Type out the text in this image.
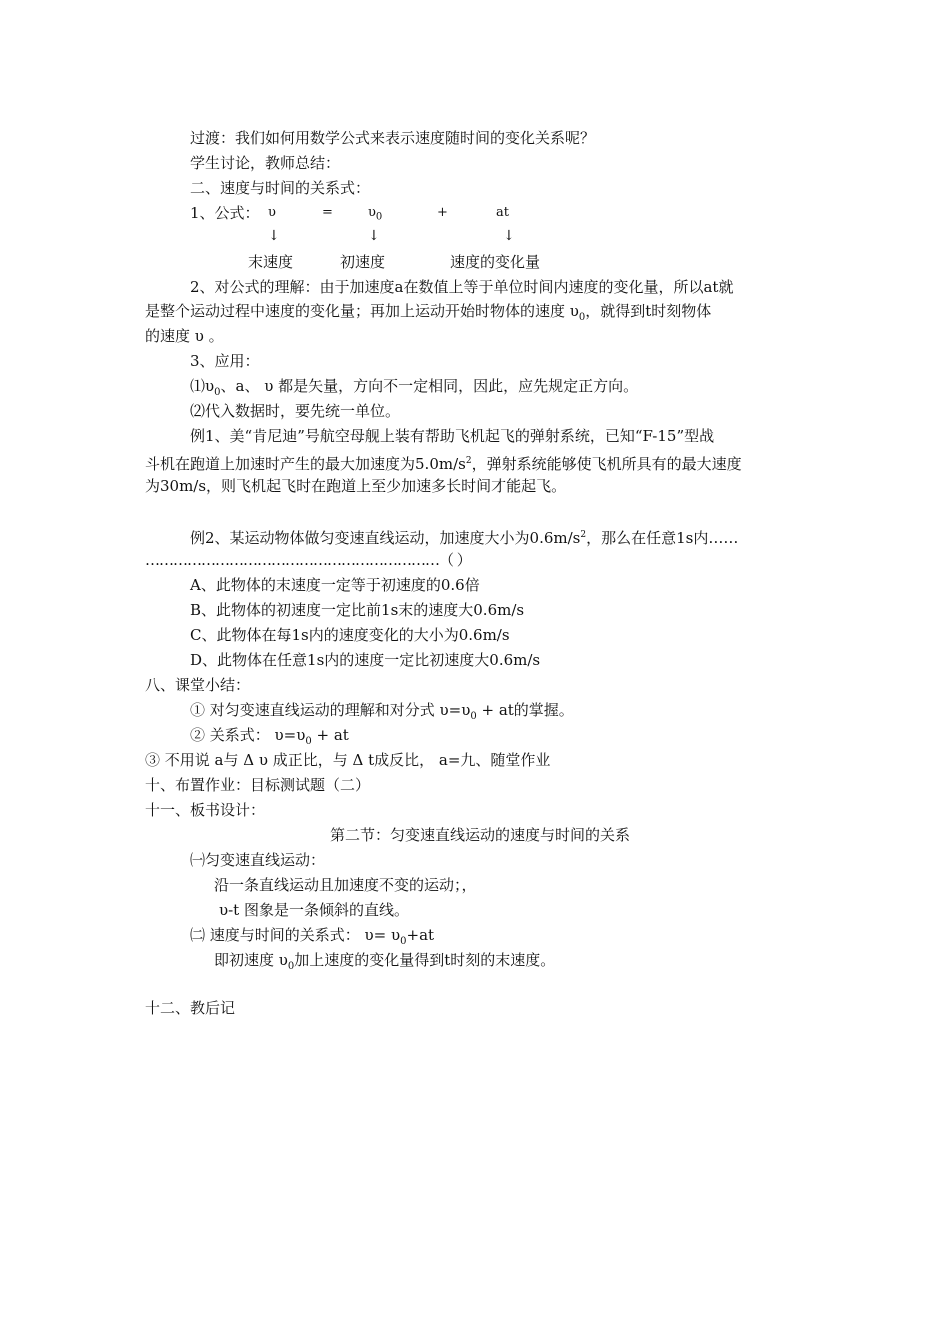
过渡：我们如何用数学公式来表示速度随时间的变化关系呢？
学生讨论，教师总结：
二、速度与时间的关系式：
1、公式： υ	=	$\upsilon_0$	+	at
↓	↓	↓
末速度	初速度	速度的变化量
2、对公式的理解：由于加速度a在数值上等于单位时间内速度的变化量，所以at就
是整个运动过程中速度的变化量；再加上运动开始时物体的速度 $\upsilon_0$，就得到t时刻物体
的速度 υ 。
3、应用：
$⑴\upsilon_0$、a、 υ 都是矢量，方向不一定相同，因此，应先规定正方向。
⑵代入数据时，要先统一单位。
例1、美“肯尼迪”号航空母舰上装有帮助飞机起飞的弹射系统，已知“F-15”型战
斗机在跑道上加速时产生的最大加速度为$5.0m/s^2$，弹射系统能够使飞机所具有的最大速度
为30m/s，则飞机起飞时在跑道上至少加速多长时间才能起飞。
例2、某运动物体做匀变速直线运动，加速度大小为$0.6m/s^2$，那么在任意1s内……
………………………………………………………（ ）
A、此物体的末速度一定等于初速度的0.6倍
B、此物体的初速度一定比前1s末的速度大0.6m/s
C、此物体在每1s内的速度变化的大小为0.6m/s
D、此物体在任意1s内的速度一定比初速度大0.6m/s
八、课堂小结：
① 对匀变速直线运动的理解和对分式 $\upsilon=\upsilon_0$ + at的掌握。
② 关系式： $\upsilon=\upsilon_0$ + at
③ 不用说 a与 Δ υ 成正比，与 Δ t成反比， a=九、随堂作业
十、布置作业：目标测试题（二）
十一、板书设计：
第二节：匀变速直线运动的速度与时间的关系
㈠匀变速直线运动：
沿一条直线运动且加速度不变的运动；，
υ-t 图象是一条倾斜的直线。
㈡ 速度与时间的关系式： $\upsilon= \upsilon_0+at$
即初速度 $\upsilon_0$加上速度的变化量得到t时刻的末速度。
十二、教后记
